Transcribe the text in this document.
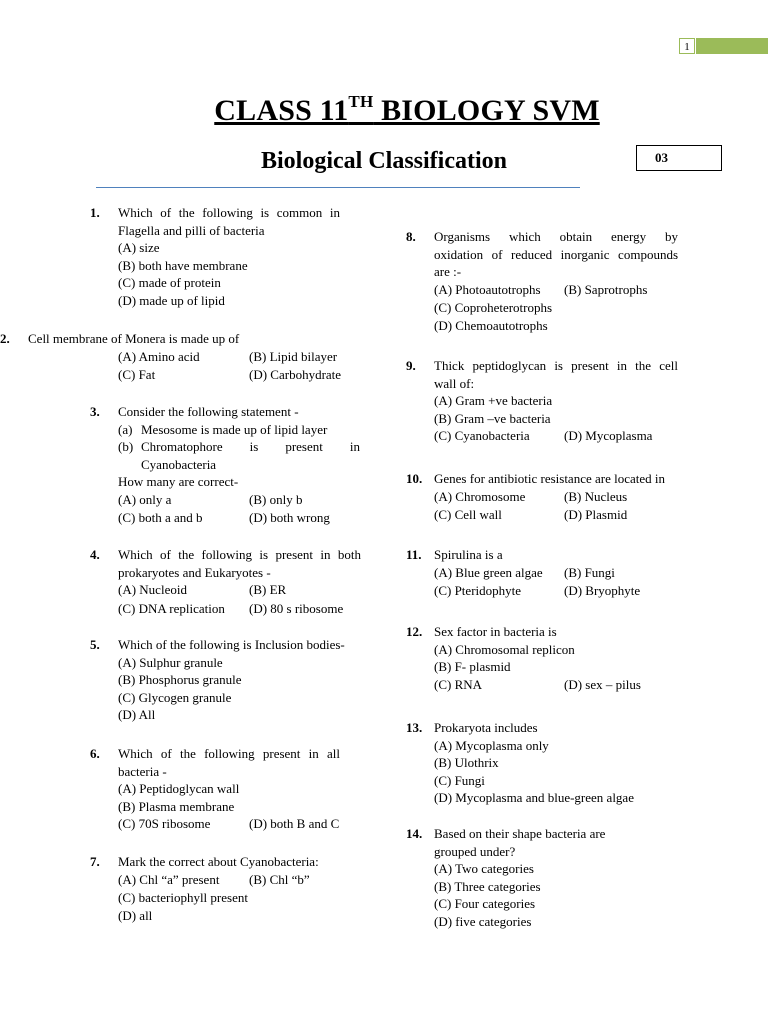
1
CLASS 11TH BIOLOGY SVM
Biological Classification	03
1. Which of the following is common in
Flagella and pilli of bacteria
(A) size
(B) both have membrane
(C) made of protein
(D) made up of lipid
2. Cell membrane of Monera is made up of
(A) Amino acid	(B) Lipid bilayer
(C) Fat	(D) Carbohydrate
3. Consider the following statement -
(a) Mesosome is made up of lipid layer
(b) Chromatophore is present in
Cyanobacteria
How many are correct-
(A) only a	(B) only b
(C) both a and b	(D) both wrong
4. Which of the following is present in both
prokaryotes and Eukaryotes -
(A) Nucleoid	(B) ER
(C) DNA replication (D) 80 s ribosome
5. Which of the following is Inclusion bodies-
(A) Sulphur granule
(B) Phosphorus granule
(C) Glycogen granule
(D) All
6. Which of the following present in all
bacteria -
(A) Peptidoglycan wall
(B) Plasma membrane
(C) 70S ribosome	(D) both B and C
7. Mark the correct about Cyanobacteria:
(A) Chl “a” present (B) Chl “b”
(C) bacteriophyll present
(D) all
8. Organisms which obtain energy by
oxidation of reduced inorganic compounds
are :-
(A) Photoautotrophs (B) Saprotrophs
(C) Coproheterotrophs
(D) Chemoautotrophs
9. Thick peptidoglycan is present in the cell
wall of:
(A) Gram +ve bacteria
(B) Gram –ve bacteria
(C) Cyanobacteria	(D) Mycoplasma
10. Genes for antibiotic resistance are located in
(A) Chromosome	(B) Nucleus
(C) Cell wall	(D) Plasmid
11. Spirulina is a
(A) Blue green algae (B) Fungi
(C) Pteridophyte	(D) Bryophyte
12. Sex factor in bacteria is
(A) Chromosomal replicon
(B) F- plasmid
(C) RNA	(D) sex – pilus
13. Prokaryota includes
(A) Mycoplasma only
(B) Ulothrix
(C) Fungi
(D) Mycoplasma and blue-green algae
14. Based on their shape bacteria are
grouped under?
(A) Two categories
(B) Three categories
(C) Four categories
(D) five categories
